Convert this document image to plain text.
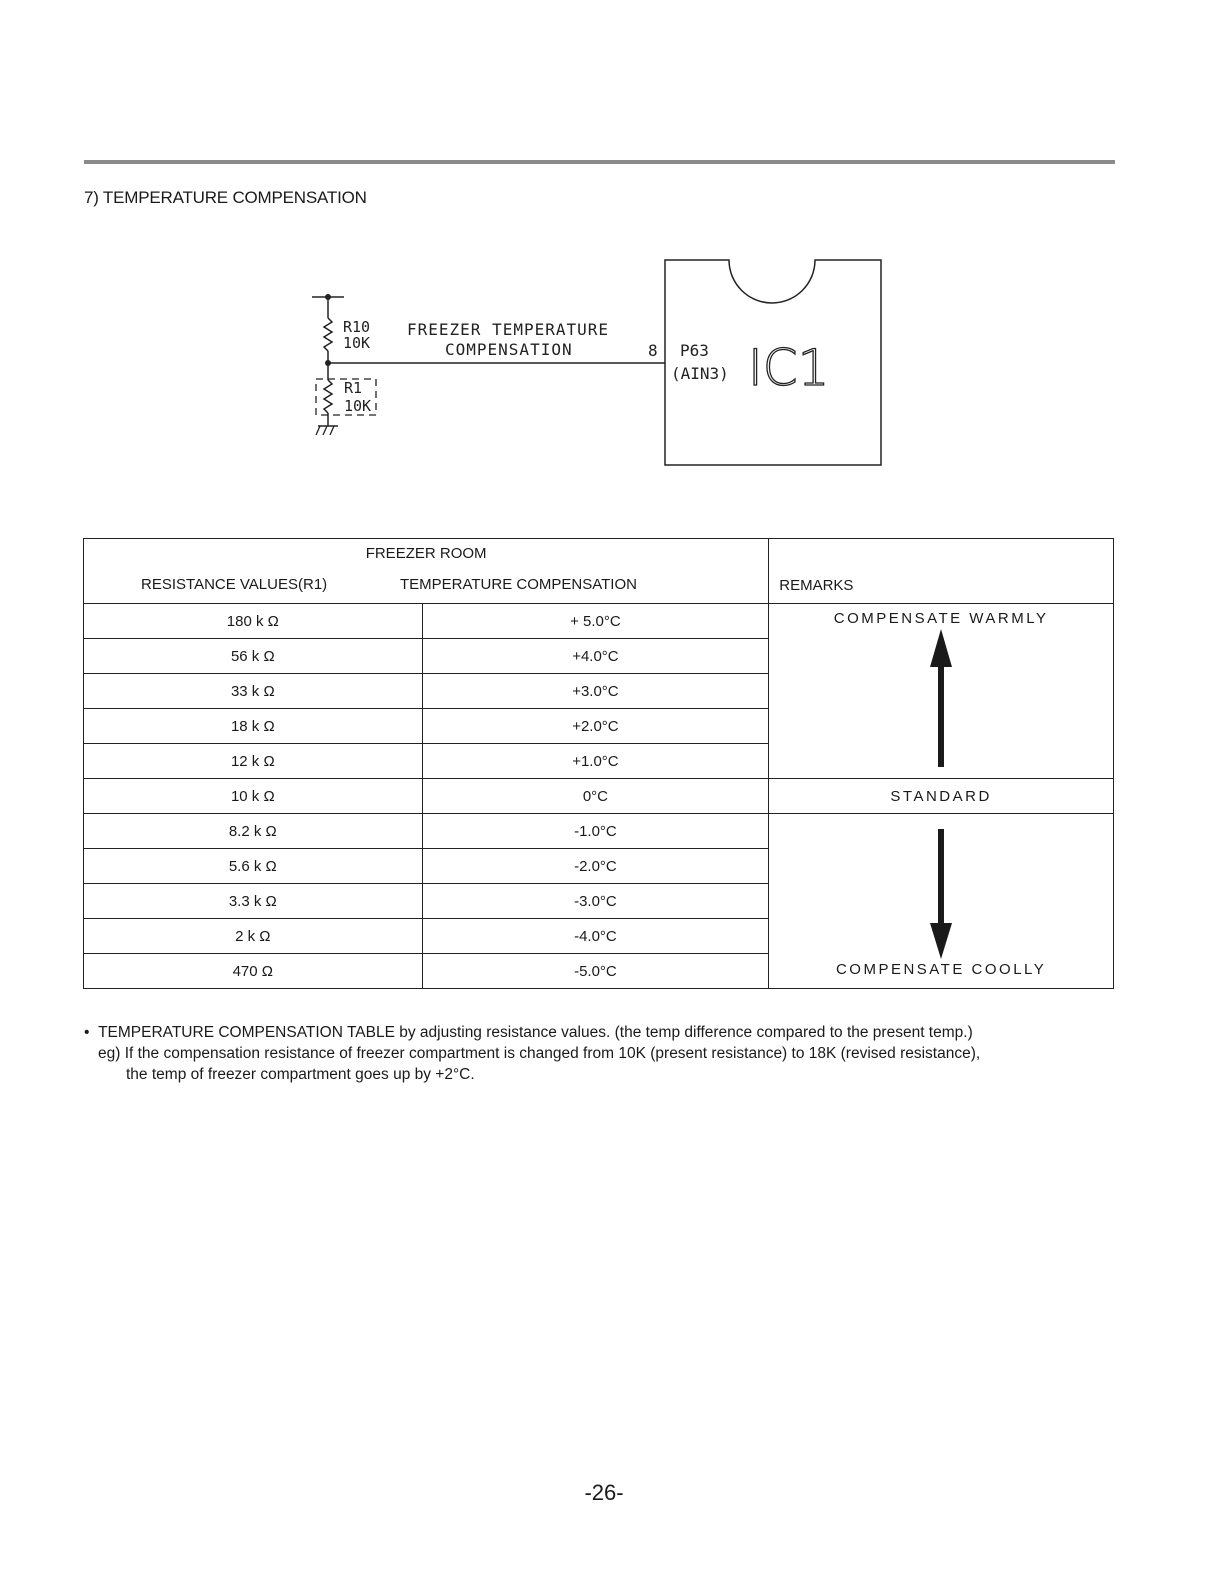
7) TEMPERATURE COMPENSATION
R10
10K
R1
10K
FREEZER TEMPERATURE
COMPENSATION	8 P63
(AIN3) IC1
FREEZER ROOM		REMARKS

RESISTANCE VALUES(R1) TEMPERATURE COMPENSATION		

180 k Ω	+ 5.0°C	COMPENSATE WARMLY

56 k Ω	+4.0°C	
33 k Ω	+3.0°C	
18 k Ω	+2.0°C	
12 k Ω	+1.0°C	
10 k Ω	0°C	STANDARD
8.2 k Ω	-1.0°C	COMPENSATE COOLLY

5.6 k Ω	-2.0°C	
3.3 k Ω	-3.0°C	
2 k Ω	-4.0°C	
470 Ω	-5.0°C	
• TEMPERATURE COMPENSATION TABLE by adjusting resistance values. (the temp difference compared to the present temp.)
eg) If the compensation resistance of freezer compartment is changed from 10K (present resistance) to 18K (revised resistance),
the temp of freezer compartment goes up by +2°C.
-26-
